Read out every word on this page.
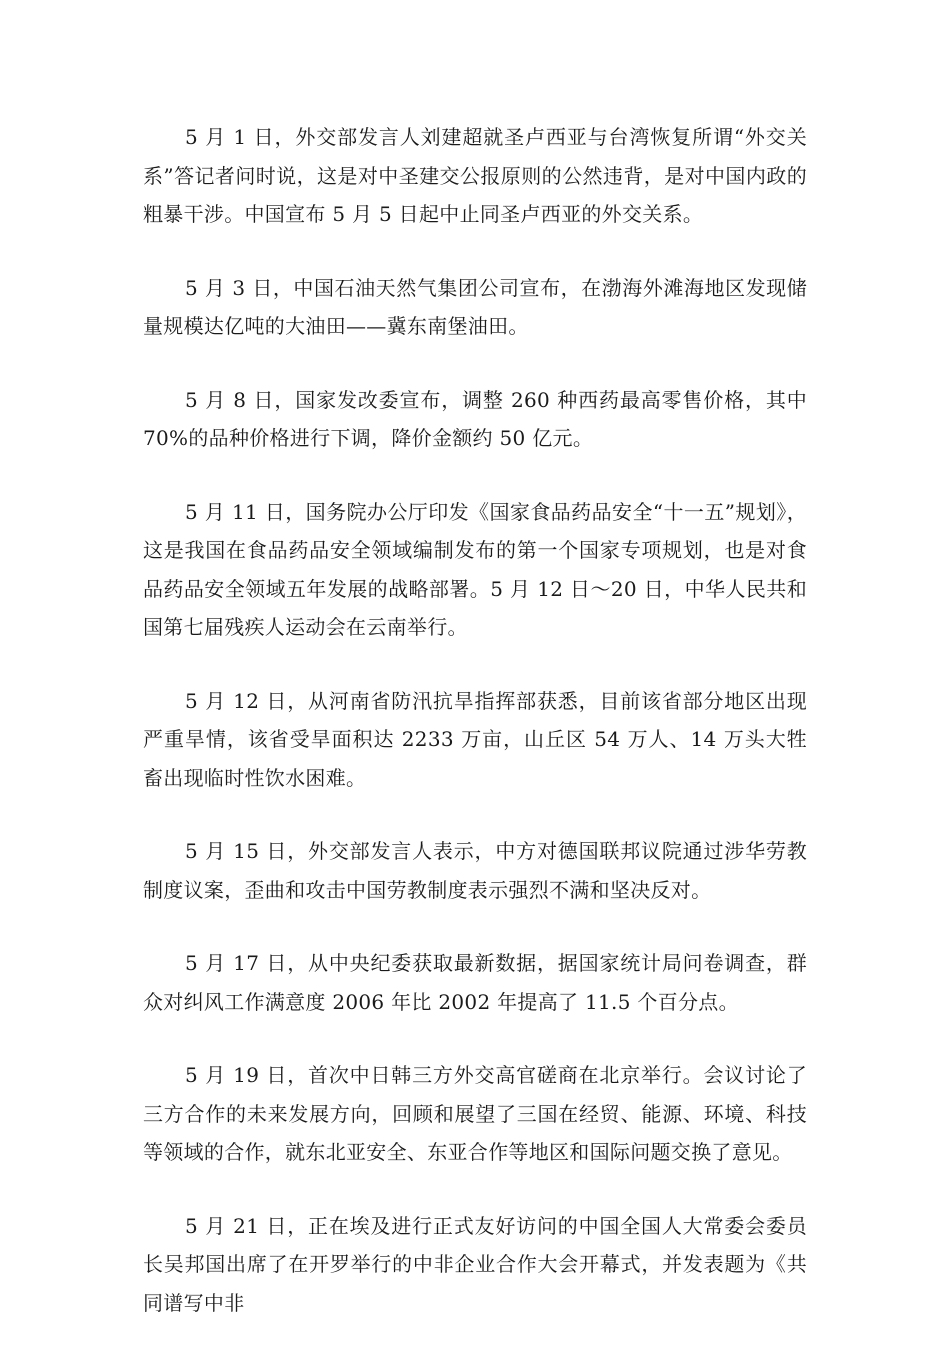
5 月 1 日，外交部发言人刘建超就圣卢西亚与台湾恢复所谓“外交关系”答记者问时说，这是对中圣建交公报原则的公然违背，是对中国内政的粗暴干涉。中国宣布 5 月 5 日起中止同圣卢西亚的外交关系。

5 月 3 日，中国石油天然气集团公司宣布，在渤海外滩海地区发现储量规模达亿吨的大油田——冀东南堡油田。

5 月 8 日，国家发改委宣布，调整 260 种西药最高零售价格，其中 70%的品种价格进行下调，降价金额约 50 亿元。

5 月 11 日，国务院办公厅印发《国家食品药品安全“十一五”规划》，这是我国在食品药品安全领域编制发布的第一个国家专项规划，也是对食品药品安全领域五年发展的战略部署。5 月 12 日～20 日，中华人民共和国第七届残疾人运动会在云南举行。

5 月 12 日，从河南省防汛抗旱指挥部获悉，目前该省部分地区出现严重旱情，该省受旱面积达 2233 万亩，山丘区 54 万人、14 万头大牲畜出现临时性饮水困难。

5 月 15 日，外交部发言人表示，中方对德国联邦议院通过涉华劳教制度议案，歪曲和攻击中国劳教制度表示强烈不满和坚决反对。

5 月 17 日，从中央纪委获取最新数据，据国家统计局问卷调查，群众对纠风工作满意度 2006 年比 2002 年提高了 11.5 个百分点。

5 月 19 日，首次中日韩三方外交高官磋商在北京举行。会议讨论了三方合作的未来发展方向，回顾和展望了三国在经贸、能源、环境、科技等领域的合作，就东北亚安全、东亚合作等地区和国际问题交换了意见。

5 月 21 日，正在埃及进行正式友好访问的中国全国人大常委会委员长吴邦国出席了在开罗举行的中非企业合作大会开幕式，并发表题为《共同谱写中非
